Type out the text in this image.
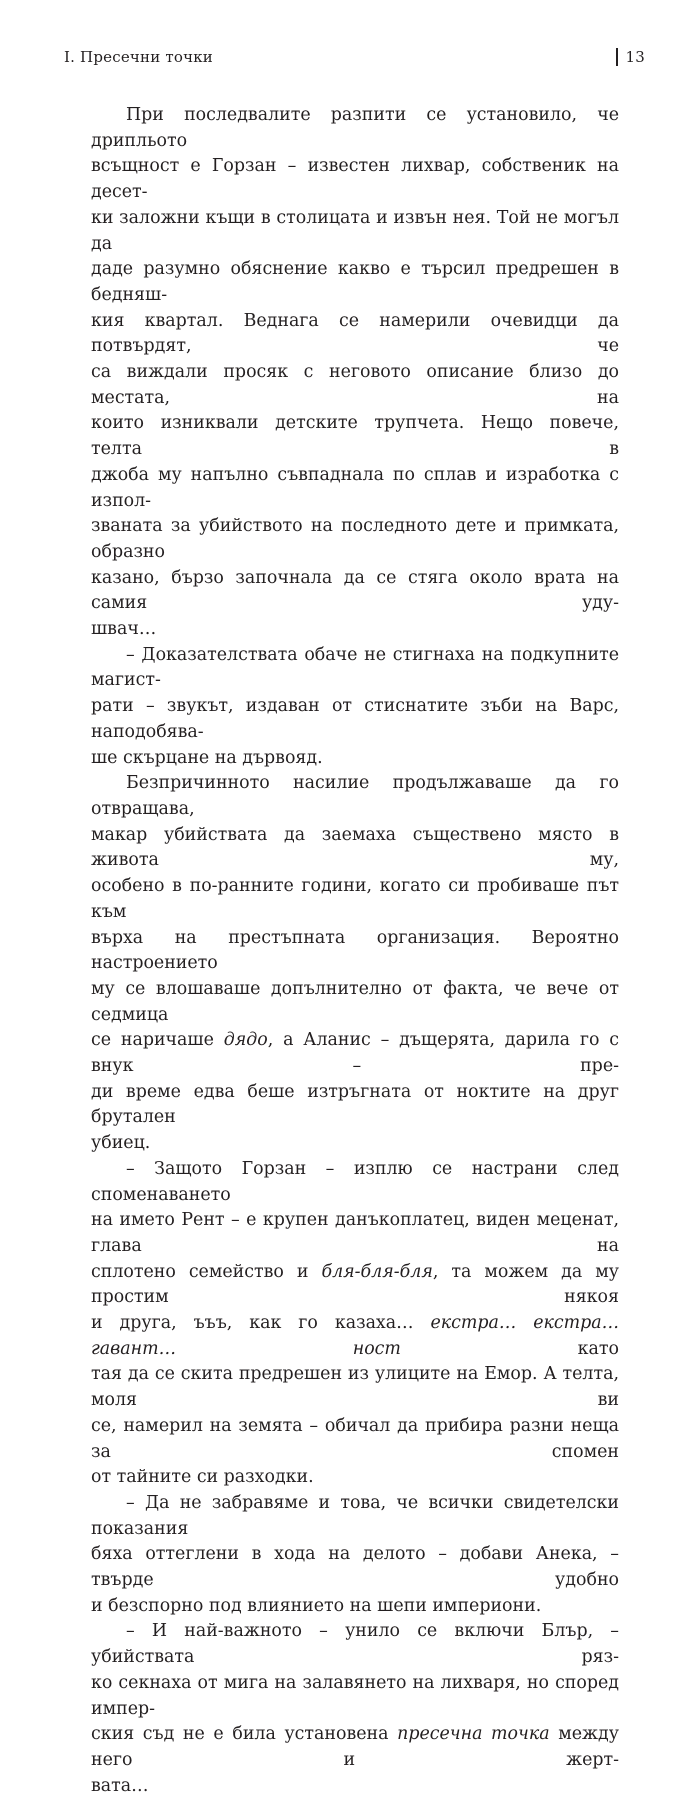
I. Пресечни точки	13

При последвалите разпити се установило, че дрипльото
всъщност е Горзан – известен лихвар, собственик на десет-
ки заложни къщи в столицата и извън нея. Той не могъл да
даде разумно обяснение какво е търсил предрешен в бедняш-
кия квартал. Веднага се намерили очевидци да потвърдят, че
са виждали просяк с неговото описание близо до местата, на
които изниквали детските трупчета. Нещо повече, телта в
джоба му напълно съвпаднала по сплав и изработка с изпол-
званата за убийството на последното дете и примката, образно
казано, бързо започнала да се стяга около врата на самия уду-
швач…

– Доказателствата обаче не стигнаха на подкупните магист-
рати – звукът, издаван от стиснатите зъби на Варс, наподобява-
ше скърцане на дървояд.

Безпричинното насилие продължаваше да го отвращава,
макар убийствата да заемаха съществено място в живота му,
особено в по-ранните години, когато си пробиваше път към
върха на престъпната организация. Вероятно настроението
му се влошаваше допълнително от факта, че вече от седмица
се наричаше дядо, а Аланис – дъщерята, дарила го с внук – пре-
ди време едва беше изтръгната от ноктите на друг брутален
убиец.

– Защото Горзан – изплю се настрани след споменаването
на името Рент – е крупен данъкоплатец, виден меценат, глава на
сплотено семейство и бля-бля-бля, та можем да му простим някоя
и друга, ъъъ, как го казаха… екстра… екстра… гавант… ност като
тая да се скита предрешен из улиците на Емор. А телта, моля ви
се, намерил на земята – обичал да прибира разни неща за спомен
от тайните си разходки.

– Да не забравяме и това, че всички свидетелски показания
бяха оттеглени в хода на делото – добави Анека, – твърде удобно
и безспорно под влиянието на шепи империони.

– И най-важното – унило се включи Блър, – убийствата ряз-
ко секнаха от мига на залавянето на лихваря, но според импер-
ския съд не е била установена пресечна точка между него и жерт-
вата…
